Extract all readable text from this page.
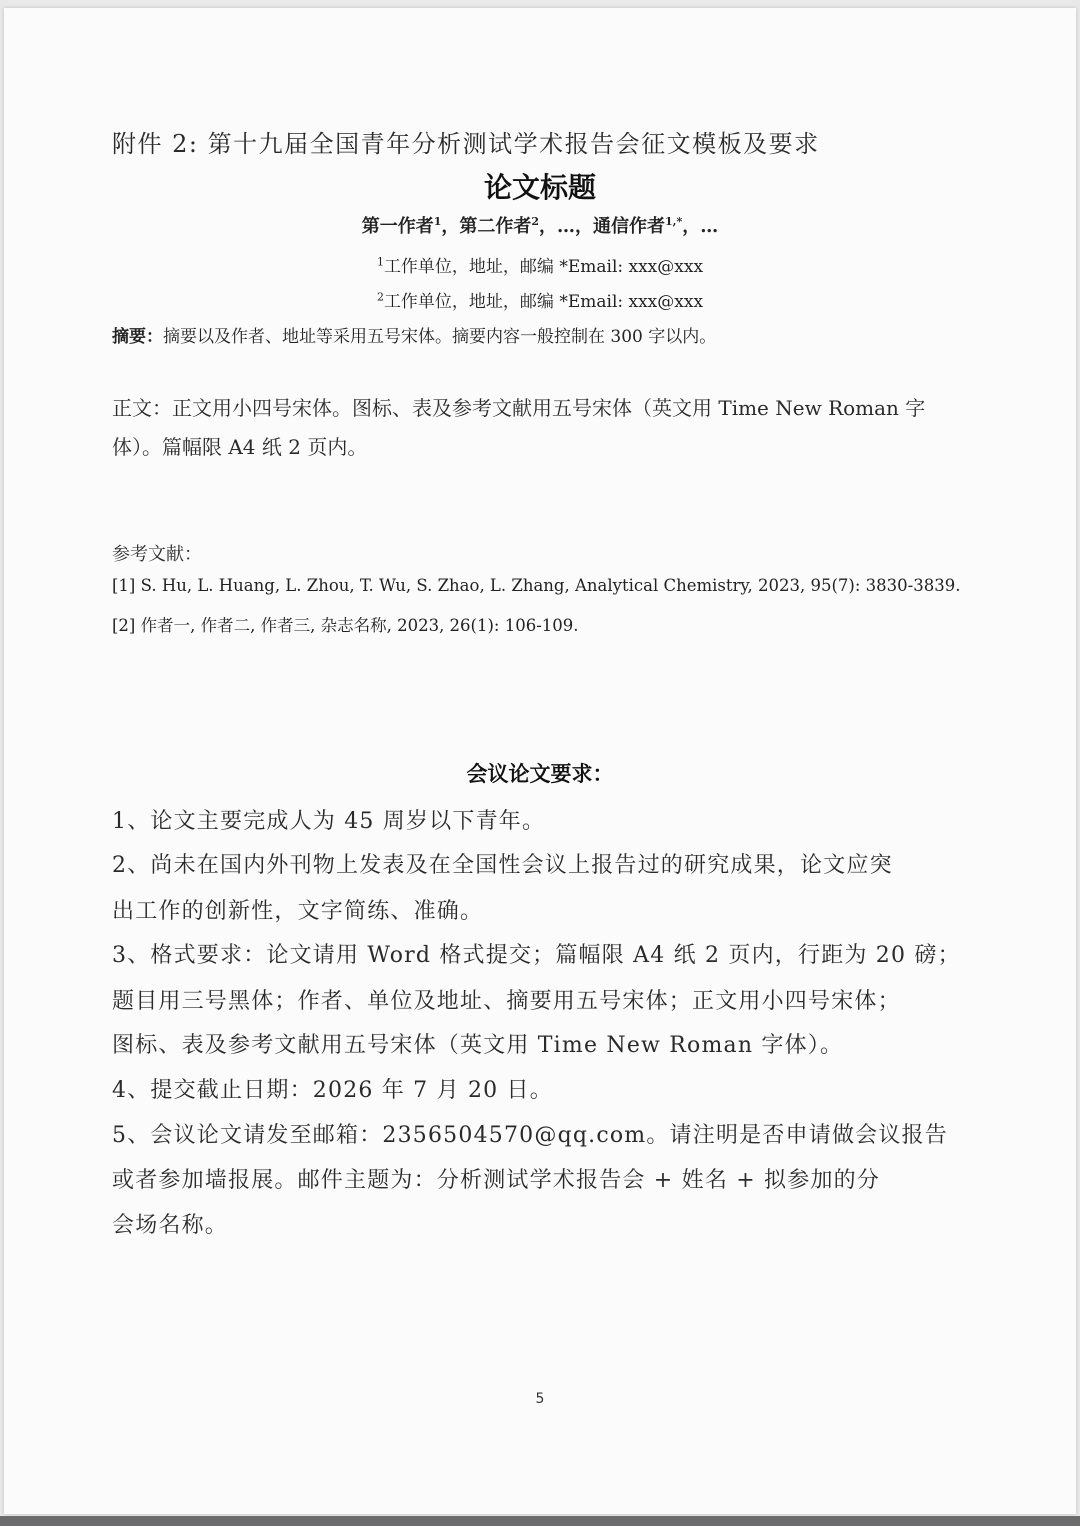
附件 2: 第十九届全国青年分析测试学术报告会征文模板及要求
论文标题
第一作者$^1$，第二作者$^2$，…，通信作者$^{1,*}$，…
$^1$工作单位，地址，邮编 *Email: xxx@xxx
$^2$工作单位，地址，邮编 *Email: xxx@xxx
摘要：摘要以及作者、地址等采用五号宋体。摘要内容一般控制在 300 字以内。
正文：正文用小四号宋体。图标、表及参考文献用五号宋体（英文用 Time New Roman 字
体）。篇幅限 A4 纸 2 页内。
参考文献：
[1] S. Hu, L. Huang, L. Zhou, T. Wu, S. Zhao, L. Zhang, Analytical Chemistry, 2023, 95(7): 3830-3839.
[2] 作者一, 作者二, 作者三, 杂志名称, 2023, 26(1): 106-109.
会议论文要求：
1、论文主要完成人为 45 周岁以下青年。
2、尚未在国内外刊物上发表及在全国性会议上报告过的研究成果，论文应突
出工作的创新性，文字简练、准确。
3、格式要求：论文请用 Word 格式提交；篇幅限 A4 纸 2 页内，行距为 20 磅；
题目用三号黑体；作者、单位及地址、摘要用五号宋体；正文用小四号宋体；
图标、表及参考文献用五号宋体（英文用 Time New Roman 字体）。
4、提交截止日期：2026 年 7 月 20 日。
5、会议论文请发至邮箱：2356504570@qq.com。请注明是否申请做会议报告
或者参加墙报展。邮件主题为：分析测试学术报告会 + 姓名 + 拟参加的分
会场名称。
5
